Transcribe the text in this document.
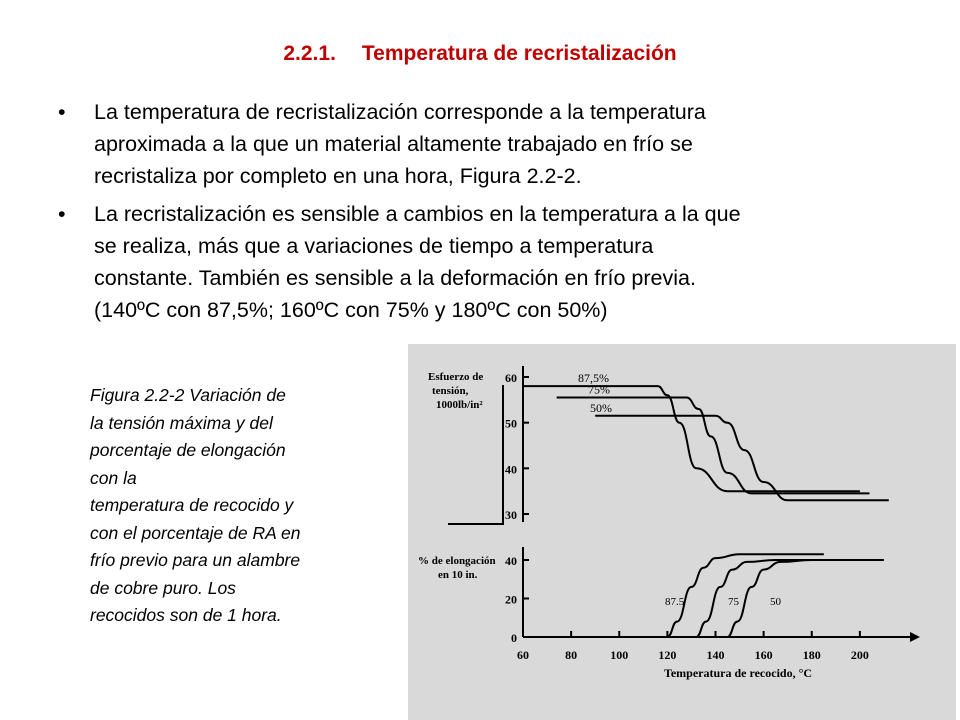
2.2.1. Temperatura de recristalización
• La temperatura de recristalización corresponde a la temperatura
aproximada a la que un material altamente trabajado en frío se
recristaliza por completo en una hora, Figura 2.2-2.
• La recristalización es sensible a cambios en la temperatura a la que
se realiza, más que a variaciones de tiempo a temperatura
constante. También es sensible a la deformación en frío previa.
(140ºC con 87,5%; 160ºC con 75% y 180ºC con 50%)
Figura 2.2-2 Variación de
la tensión máxima y del
porcentaje de elongación
con la
temperatura de recocido y
con el porcentaje de RA en
frío previo para un alambre
de cobre puro. Los
recocidos son de 1 hora.
60
50
40
30
Esfuerzo de
tensión,
1000lb/in²
87,5%
75%
50%
40
20
0
60	80	100	120	140	160	180	200
% de elongación
en 10 in.
Temperatura de recocido, °C
87.5	75	50
